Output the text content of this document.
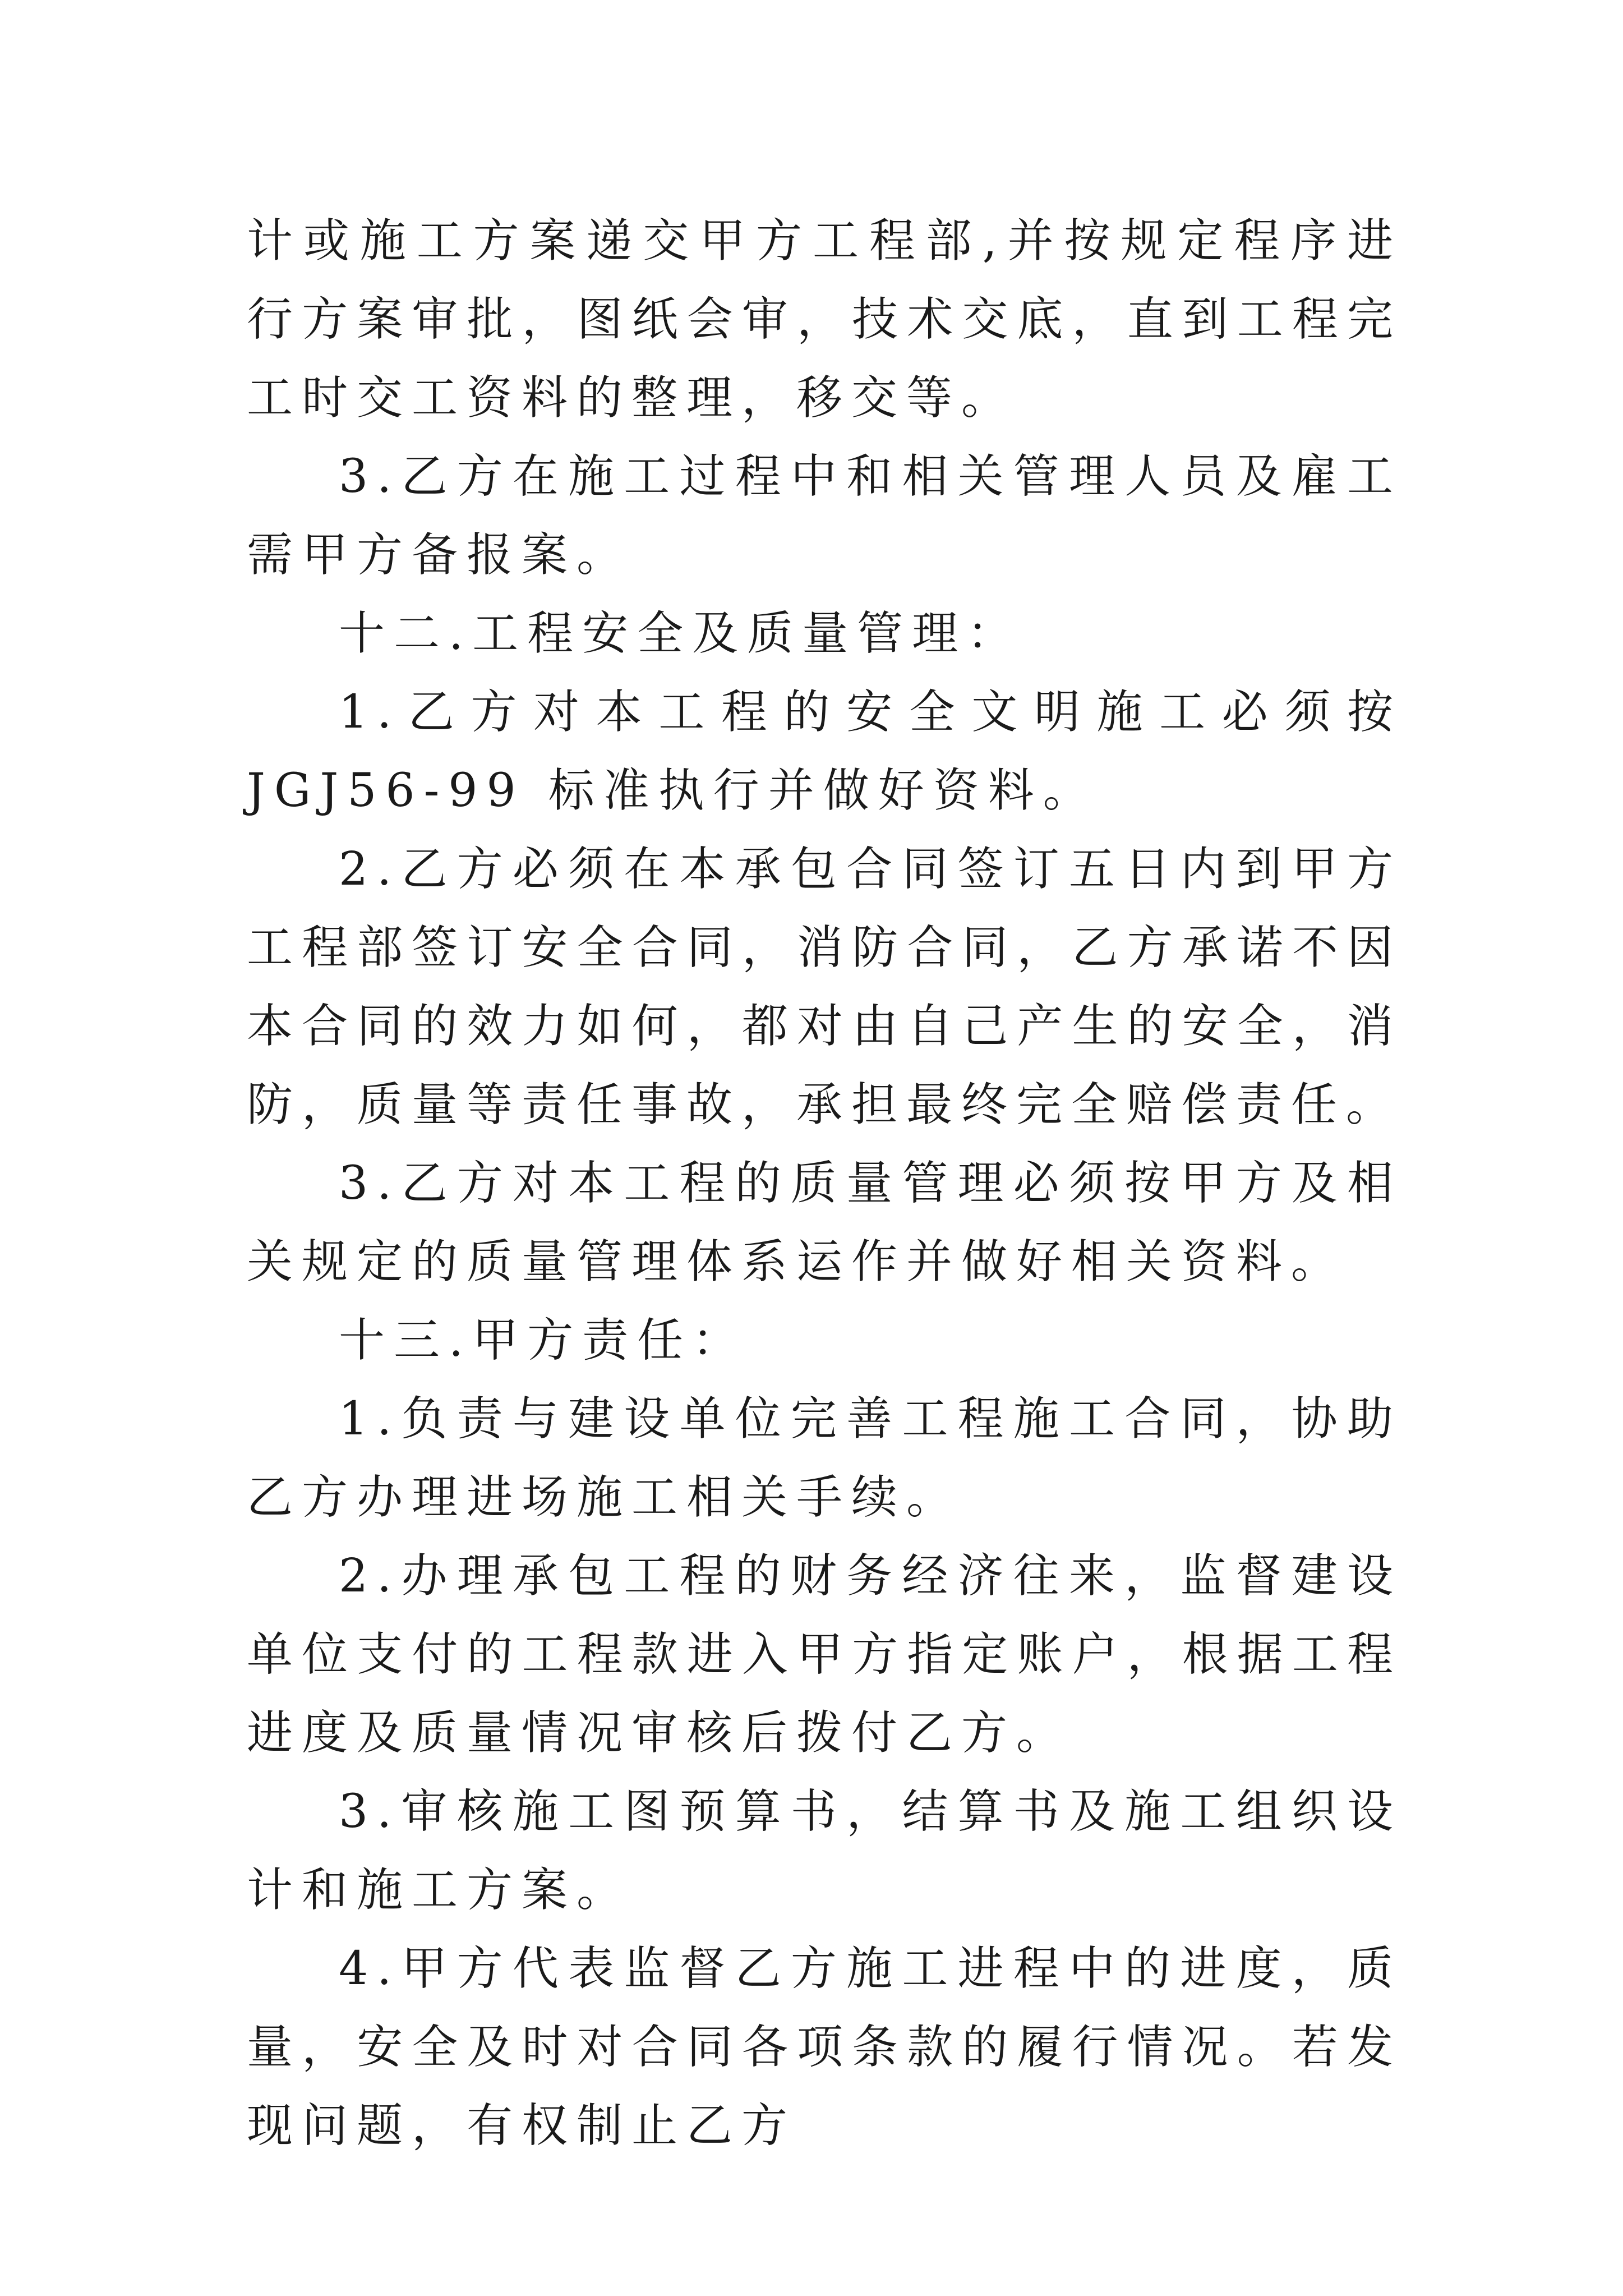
计或施工方案递交甲方工程部,并按规定程序进行方案审批，图纸会审，技术交底，直到工程完工时交工资料的整理，移交等。

3.乙方在施工过程中和相关管理人员及雇工需甲方备报案。

十二.工程安全及质量管理：

1.乙方对本工程的安全文明施工必须按 JGJ56-99 标准执行并做好资料。

2.乙方必须在本承包合同签订五日内到甲方工程部签订安全合同，消防合同，乙方承诺不因本合同的效力如何，都对由自己产生的安全，消防，质量等责任事故，承担最终完全赔偿责任。

3.乙方对本工程的质量管理必须按甲方及相关规定的质量管理体系运作并做好相关资料。

十三.甲方责任：

1.负责与建设单位完善工程施工合同，协助乙方办理进场施工相关手续。

2.办理承包工程的财务经济往来，监督建设单位支付的工程款进入甲方指定账户，根据工程进度及质量情况审核后拨付乙方。

3.审核施工图预算书，结算书及施工组织设计和施工方案。

4.甲方代表监督乙方施工进程中的进度，质量，安全及时对合同各项条款的履行情况。若发现问题，有权制止乙方
